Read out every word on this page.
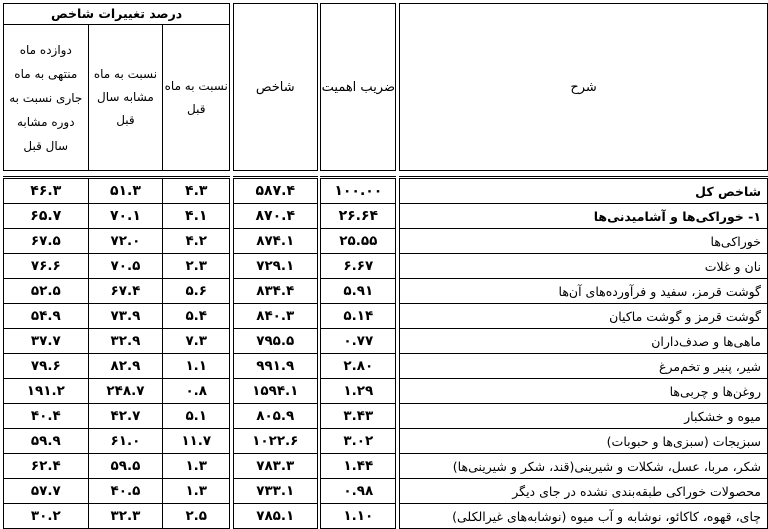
شرح		ضریب اهمیت		شاخص		درصد تغییرات شاخص		
						نسبت به ماه قبل	نسبت به ماه مشابه سال قبل	دوازده ماه منتهی به ماه جاری نسبت به دوره مشابه سال قبل

شاخص کل		۱۰۰.۰۰		۵۸۷.۴		۴.۳	۵۱.۳	۴۶.۳
۱- خوراکی‌ها و آشامیدنی‌ها		۲۶.۶۴		۸۷۰.۴		۴.۱	۷۰.۱	۶۵.۷
خوراکی‌ها		۲۵.۵۵		۸۷۴.۱		۴.۲	۷۲.۰	۶۷.۵
نان و غلات		۶.۶۷		۷۲۹.۱		۲.۳	۷۰.۵	۷۶.۶
گوشت قرمز، سفید و فرآورده‌های آن‌ها		۵.۹۱		۸۳۴.۴		۵.۶	۶۷.۴	۵۲.۵
گوشت قرمز و گوشت ماکیان		۵.۱۴		۸۴۰.۳		۵.۴	۷۳.۹	۵۴.۹
ماهی‌ها و صدف‌داران		۰.۷۷		۷۹۵.۵		۷.۳	۳۲.۹	۳۷.۷
شیر، پنیر و تخم‌مرغ		۲.۸۰		۹۹۱.۹		۱.۱	۸۲.۹	۷۹.۶
روغن‌ها و چربی‌ها		۱.۲۹		۱۵۹۴.۱		۰.۸	۲۴۸.۷	۱۹۱.۲
میوه و خشکبار		۳.۴۳		۸۰۵.۹		۵.۱	۴۲.۷	۴۰.۴
سبزیجات (سبزی‌ها و حبوبات)		۳.۰۲		۱۰۲۲.۶		۱۱.۷	۶۱.۰	۵۹.۹
شکر، مربا، عسل، شکلات و شیرینی‌(قند، شکر و شیرینی‌ها)		۱.۴۴		۷۸۳.۳		۱.۳	۵۹.۵	۶۲.۴
محصولات خوراکی طبقه‌بندی نشده در جای دیگر		۰.۹۸		۷۳۳.۱		۱.۳	۴۰.۵	۵۷.۷
چای، قهوه، کاکائو، نوشابه و آب میوه (نوشابه‌های غیرالکلی)		۱.۱۰		۷۸۵.۱		۲.۵	۳۲.۳	۳۰.۲
